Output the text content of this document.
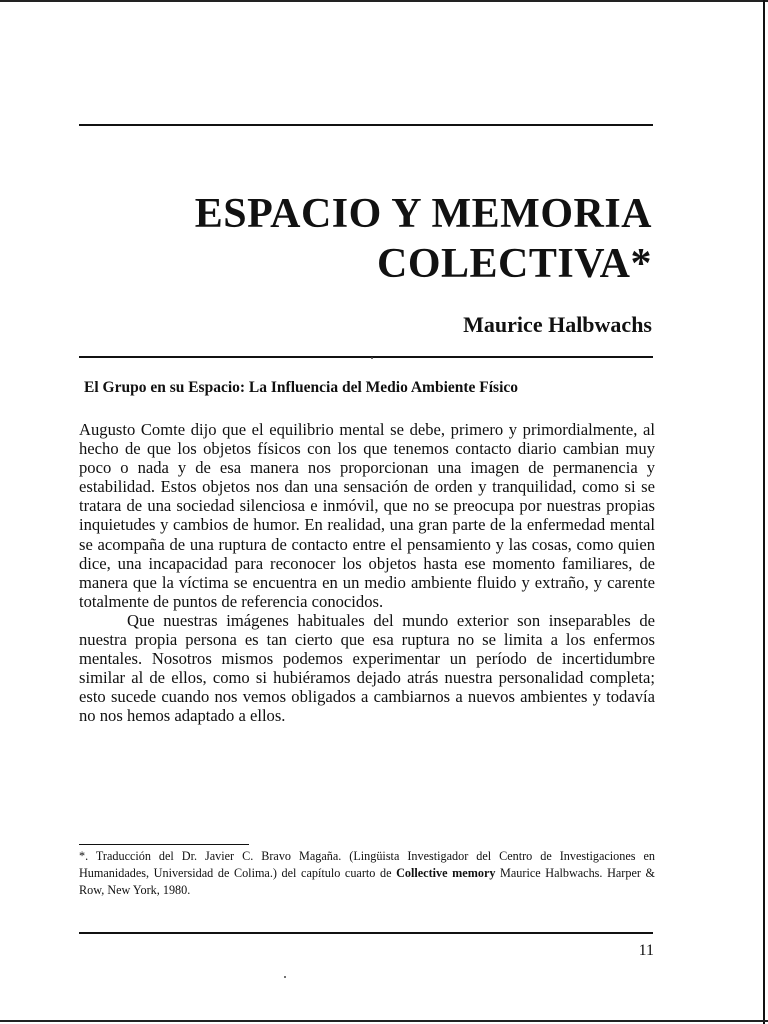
ESPACIO Y MEMORIA
COLECTIVA*
Maurice Halbwachs
El Grupo en su Espacio: La Influencia del Medio Ambiente Físico

Augusto Comte dijo que el equilibrio mental se debe, primero y primordialmente, al hecho de que los objetos físicos con los que tenemos contacto diario cambian muy poco o nada y de esa manera nos proporcionan una imagen de permanencia y estabilidad. Estos objetos nos dan una sensación de orden y tranquilidad, como si se tratara de una sociedad silenciosa e inmóvil, que no se preocupa por nuestras propias inquietudes y cambios de humor. En realidad, una gran parte de la enfermedad mental se acompaña de una ruptura de contacto entre el pensamiento y las cosas, como quien dice, una incapacidad para reconocer los objetos hasta ese momento familiares, de manera que la víctima se encuentra en un medio ambiente fluido y extraño, y carente totalmente de puntos de referencia conocidos.

Que nuestras imágenes habituales del mundo exterior son inseparables de nuestra propia persona es tan cierto que esa ruptura no se limita a los enfermos mentales. Nosotros mismos podemos experimentar un período de incertidumbre similar al de ellos, como si hubiéramos dejado atrás nuestra personalidad completa; esto sucede cuando nos vemos obligados a cambiarnos a nuevos ambientes y todavía no nos hemos adaptado a ellos.

*. Traducción del Dr. Javier C. Bravo Magaña. (Lingüista Investigador del Centro de Investigaciones en Humanidades, Universidad de Colima.) del capítulo cuarto de Collective memory Maurice Halbwachs. Harper & Row, New York, 1980.

11
